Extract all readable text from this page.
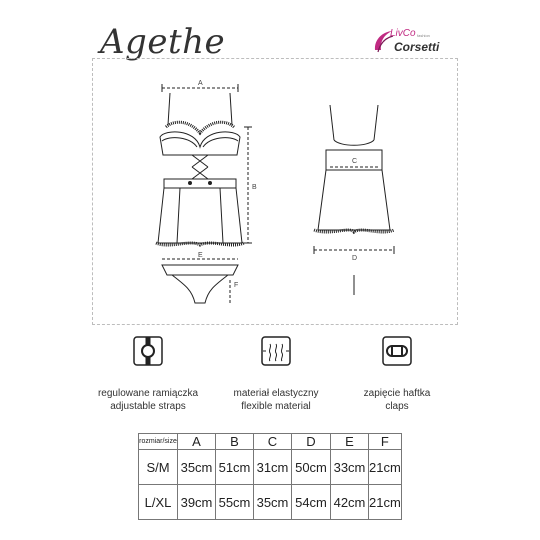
Agethe	LivCo fashion
Corsetti
A
B
E
F
C
D
regulowane ramiączka
adjustable straps
materiał elastyczny
flexible material
zapięcie haftka
claps
rozmiar/size	A	B	C	D	E	F
S/M	35cm	51cm	31cm	50cm	33cm	21cm
L/XL	39cm	55cm	35cm	54cm	42cm	21cm
